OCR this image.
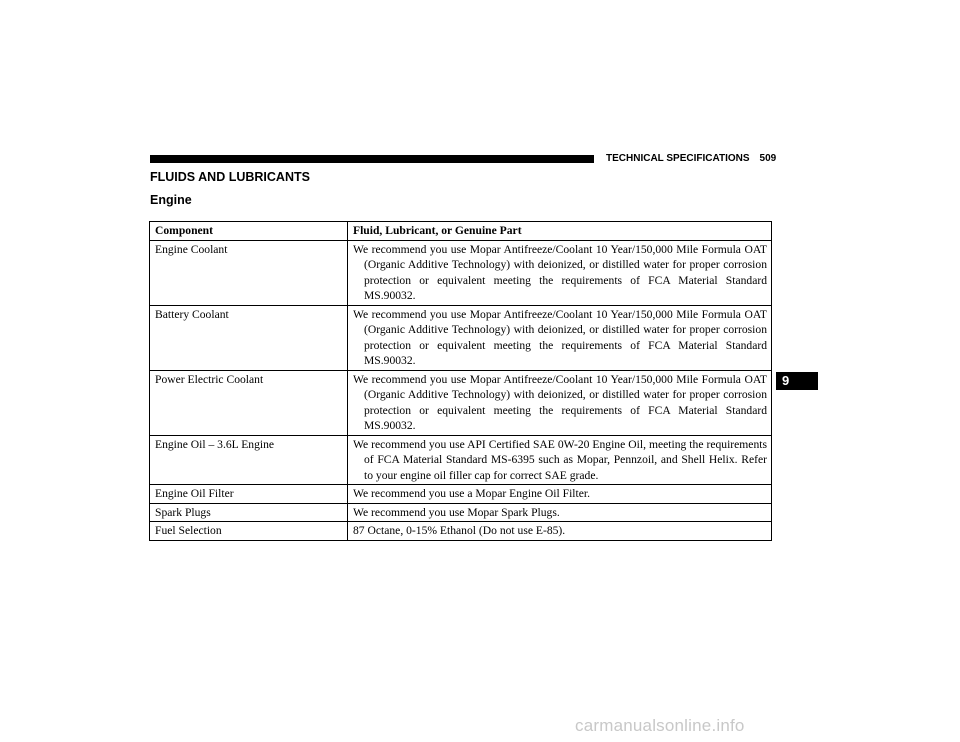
TECHNICAL SPECIFICATIONS 509
FLUIDS AND LUBRICANTS
Engine
Component	Fluid, Lubricant, or Genuine Part
Engine Coolant	We recommend you use Mopar Antifreeze/Coolant 10 Year/150,000 Mile Formula OAT (Organic Additive Technology) with deionized, or distilled water for proper corrosion protection or equivalent meeting the requirements of FCA Material Standard MS.90032.
Battery Coolant	We recommend you use Mopar Antifreeze/Coolant 10 Year/150,000 Mile Formula OAT (Organic Additive Technology) with deionized, or distilled water for proper corrosion protection or equivalent meeting the requirements of FCA Material Standard MS.90032.
Power Electric Coolant	We recommend you use Mopar Antifreeze/Coolant 10 Year/150,000 Mile Formula OAT (Organic Additive Technology) with deionized, or distilled water for proper corrosion protection or equivalent meeting the requirements of FCA Material Standard MS.90032.
Engine Oil – 3.6L Engine	We recommend you use API Certified SAE 0W-20 Engine Oil, meeting the requirements of FCA Material Standard MS-6395 such as Mopar, Pennzoil, and Shell Helix. Refer to your engine oil filler cap for correct SAE grade.
Engine Oil Filter	We recommend you use a Mopar Engine Oil Filter.
Spark Plugs	We recommend you use Mopar Spark Plugs.
Fuel Selection	87 Octane, 0-15% Ethanol (Do not use E-85).
9
carmanualsonline.info
